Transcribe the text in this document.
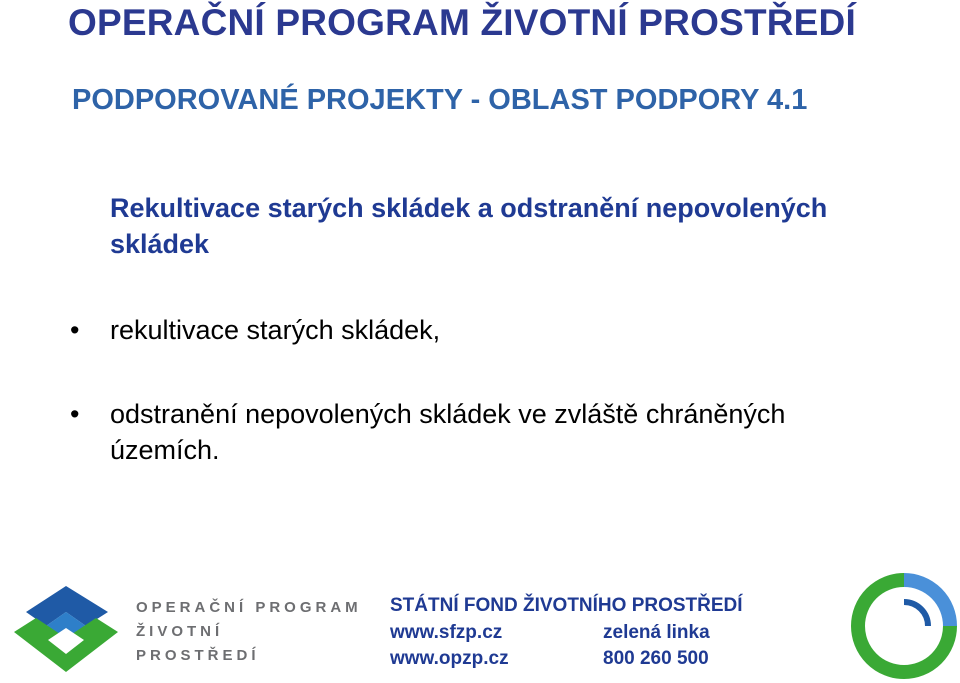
OPERAČNÍ PROGRAM ŽIVOTNÍ PROSTŘEDÍ
PODPOROVANÉ PROJEKTY - OBLAST PODPORY 4.1

Rekultivace starých skládek a odstranění nepovolených skládek

• rekultivace starých skládek,
• odstranění nepovolených skládek ve zvláště chráněných územích.
OPERAČNÍ PROGRAM
ŽIVOTNÍ
PROSTŘEDÍ
STÁTNÍ FOND ŽIVOTNÍHO PROSTŘEDÍ
www.sfzp.cz	zelená linka
www.opzp.cz	800 260 500
